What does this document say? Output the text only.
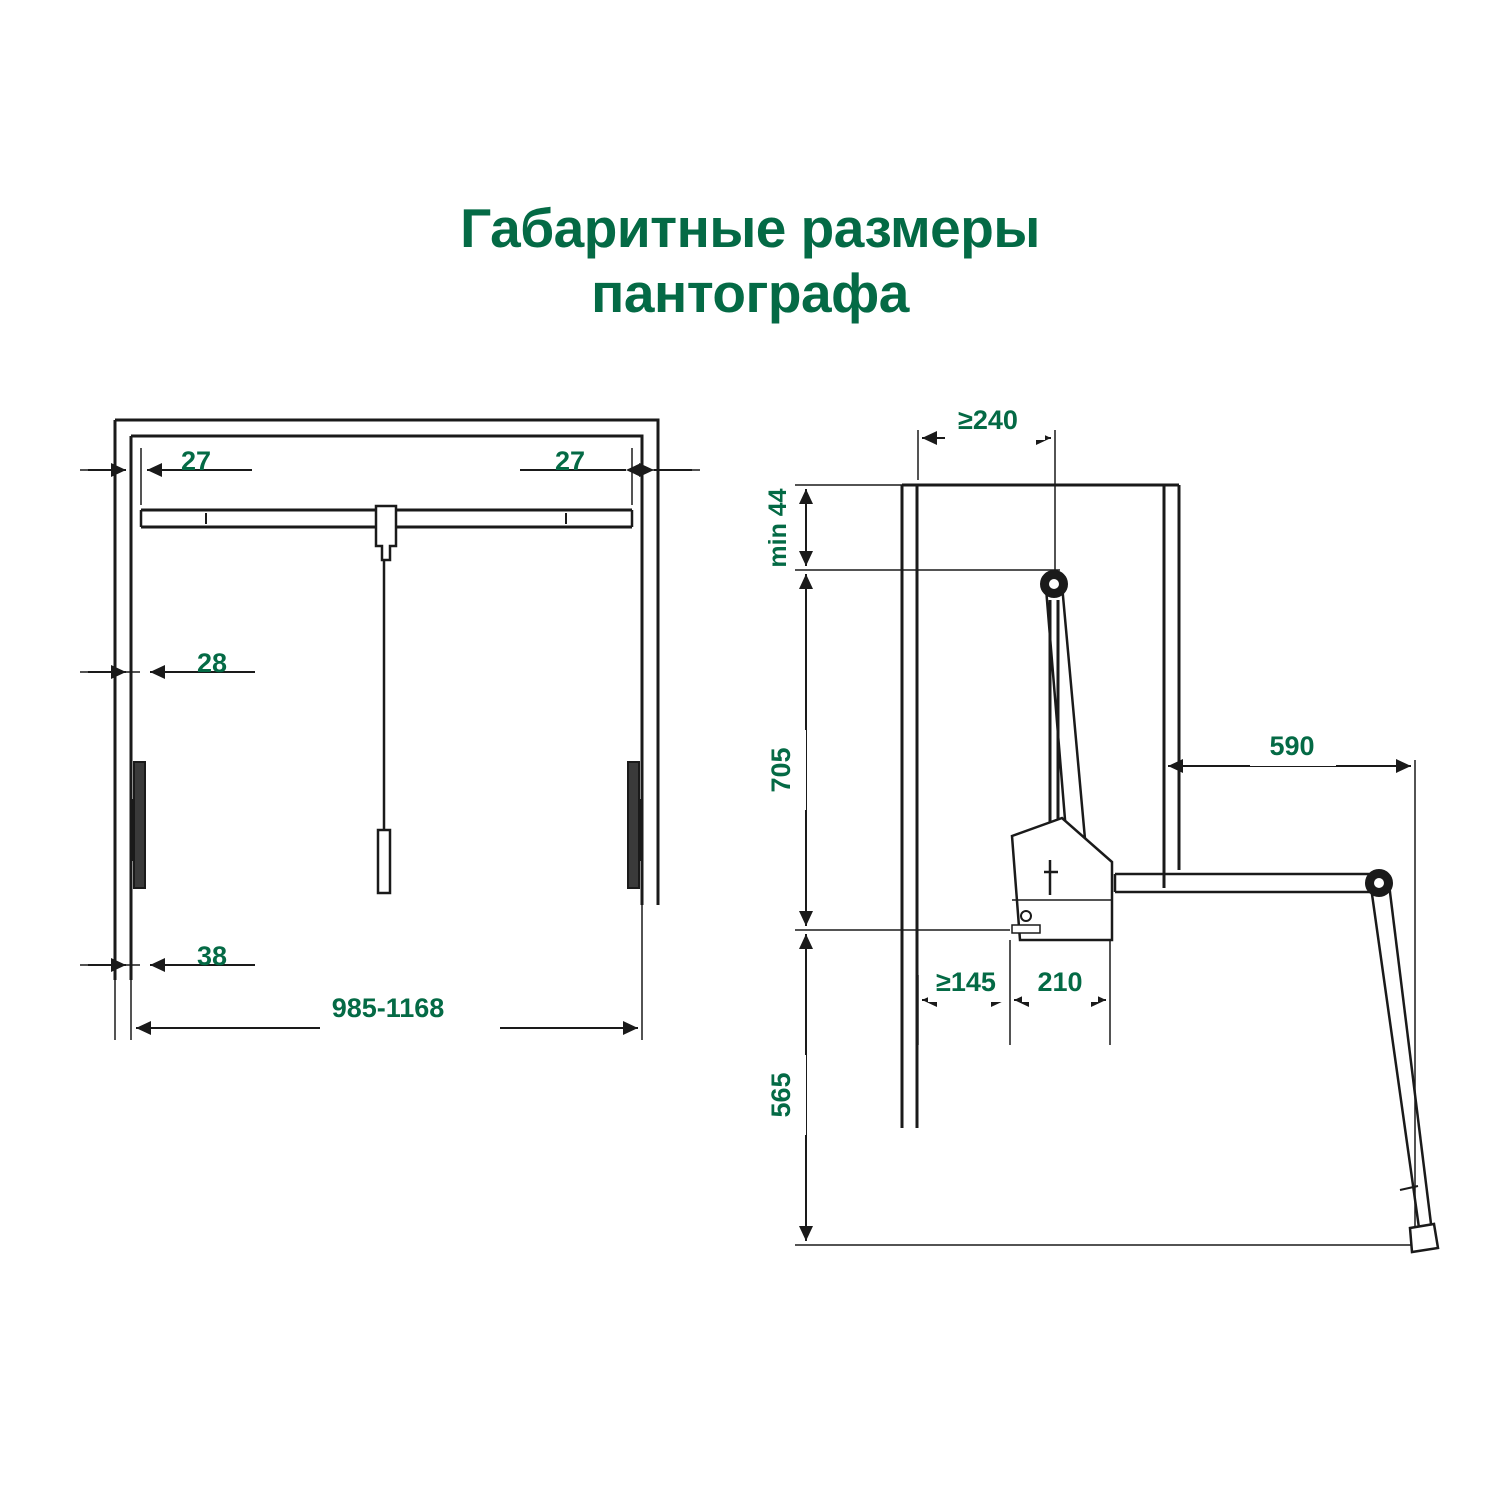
Габаритные размеры
пантографа
27	27
28
38
985-1168
≥240
min 44
705
565
590
≥145 210
